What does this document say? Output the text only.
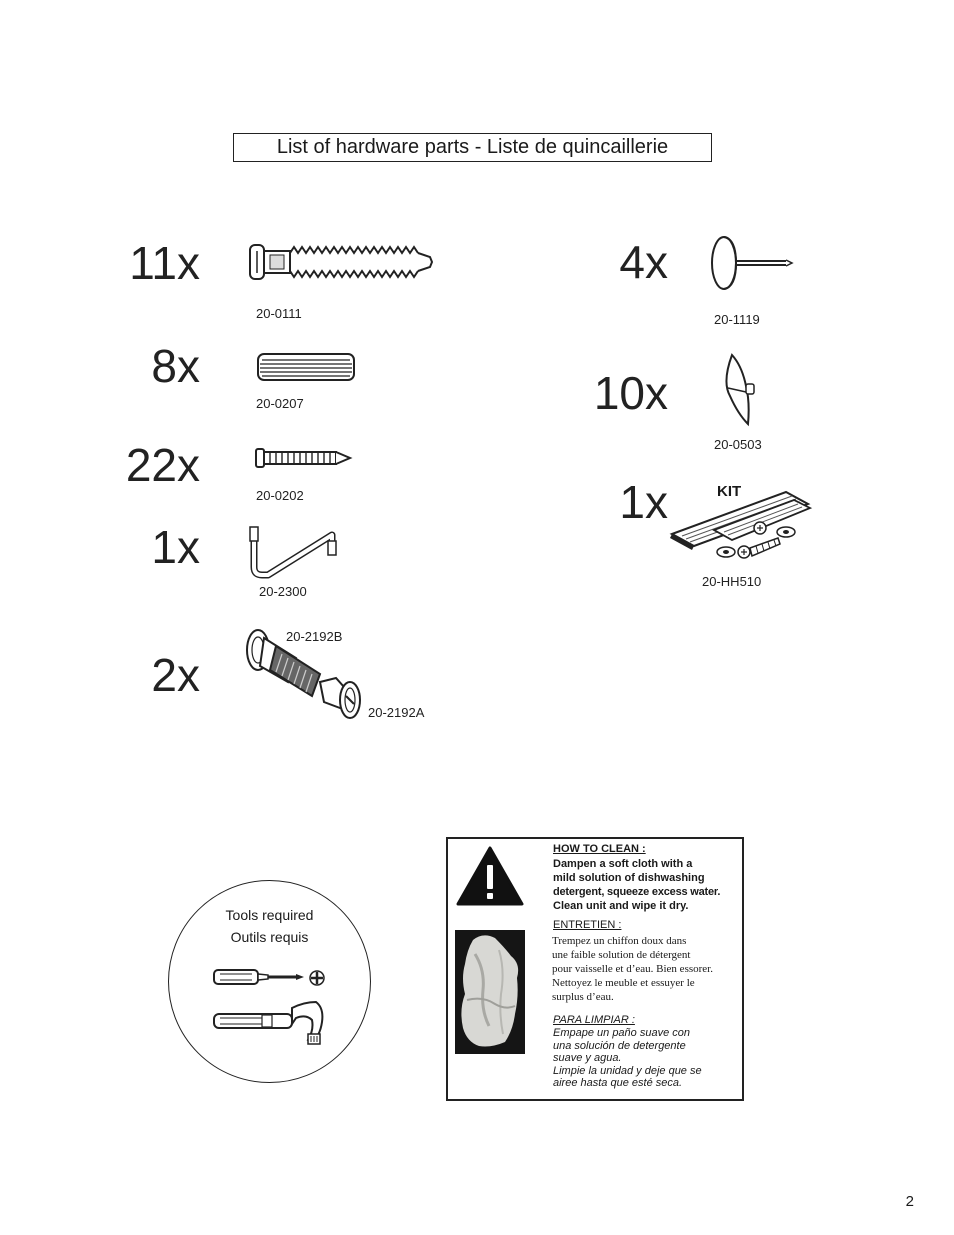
List of hardware parts - Liste de quincaillerie
11x
20-0111
8x
20-0207
22x
20-0202
1x
20-2300
2x
20-2192B
20-2192A
4x
20-1119
10x
20-0503
1x	KIT
20-HH510
Tools required
Outils requis
HOW TO CLEAN :
Dampen a soft cloth with a
mild solution of dishwashing
detergent, squeeze excess water.
Clean unit and wipe it dry.
ENTRETIEN :
Trempez un chiffon doux dans
une faible solution de détergent
pour vaisselle et d’eau. Bien essorer.
Nettoyez le meuble et essuyer le
surplus d’eau.
PARA LIMPIAR :
Empape un paño suave con
una solución de detergente
suave y agua.
Limpie la unidad y deje que se
airee hasta que esté seca.
2
